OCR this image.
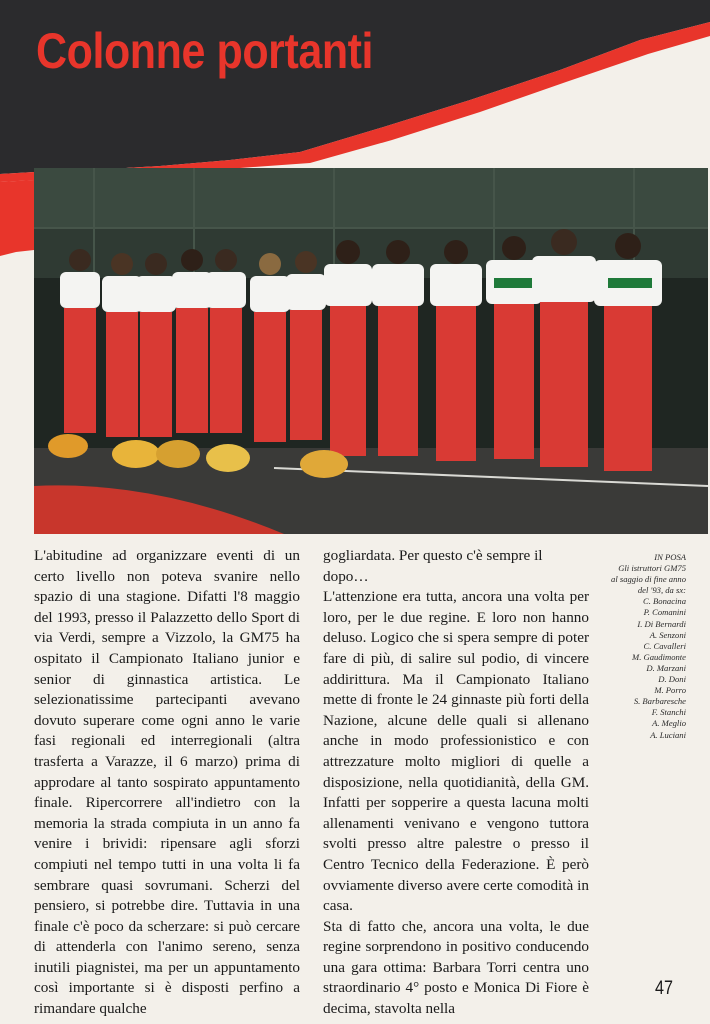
Colonne portanti

L'abitudine ad organizzare eventi di un certo livello non poteva svanire nello spazio di una stagione. Difatti l'8 maggio del 1993, presso il Palazzetto dello Sport di via Verdi, sempre a Vizzolo, la GM75 ha ospitato il Campionato Italiano junior e senior di ginnastica artistica. Le selezionatissime partecipanti avevano dovuto superare come ogni anno le varie fasi regionali ed interregionali (altra trasferta a Varazze, il 6 marzo) prima di approdare al tanto sospirato appuntamento finale. Ripercorrere all'indietro con la memoria la strada compiuta in un anno fa venire i brividi: ripensare agli sforzi compiuti nel tempo tutti in una volta li fa sembrare quasi sovrumani. Scherzi del pensiero, si potrebbe dire. Tuttavia in una finale c'è poco da scherzare: si può cercare di attenderla con l'animo sereno, senza inutili piagnistei, ma per un appuntamento così importante si è disposti perfino a rimandare qualche

gogliardata. Per questo c'è sempre il dopo…

L'attenzione era tutta, ancora una volta per loro, per le due regine. E loro non hanno deluso. Logico che si spera sempre di poter fare di più, di salire sul podio, di vincere addirittura. Ma il Campionato Italiano mette di fronte le 24 ginnaste più forti della Nazione, alcune delle quali si allenano anche in modo professionistico e con attrezzature molto migliori di quelle a disposizione, nella quotidianità, della GM. Infatti per sopperire a questa lacuna molti allenamenti venivano e vengono tuttora svolti presso altre palestre o presso il Centro Tecnico della Federazione. È però ovviamente diverso avere certe comodità in casa.

Sta di fatto che, ancora una volta, le due regine sorprendono in positivo conducendo una gara ottima: Barbara Torri centra uno straordinario 4° posto e Monica Di Fiore è decima, stavolta nella

IN POSA
Gli istruttori GM75
al saggio di fine anno
del '93, da sx:
C. Bonacina
P. Comanini
I. Di Bernardi
A. Senzoni
C. Cavalleri
M. Gaudimonte
D. Marzani
D. Doni
M. Porro
S. Barbaresche
F. Stanchi
A. Meglio
A. Luciani
47
